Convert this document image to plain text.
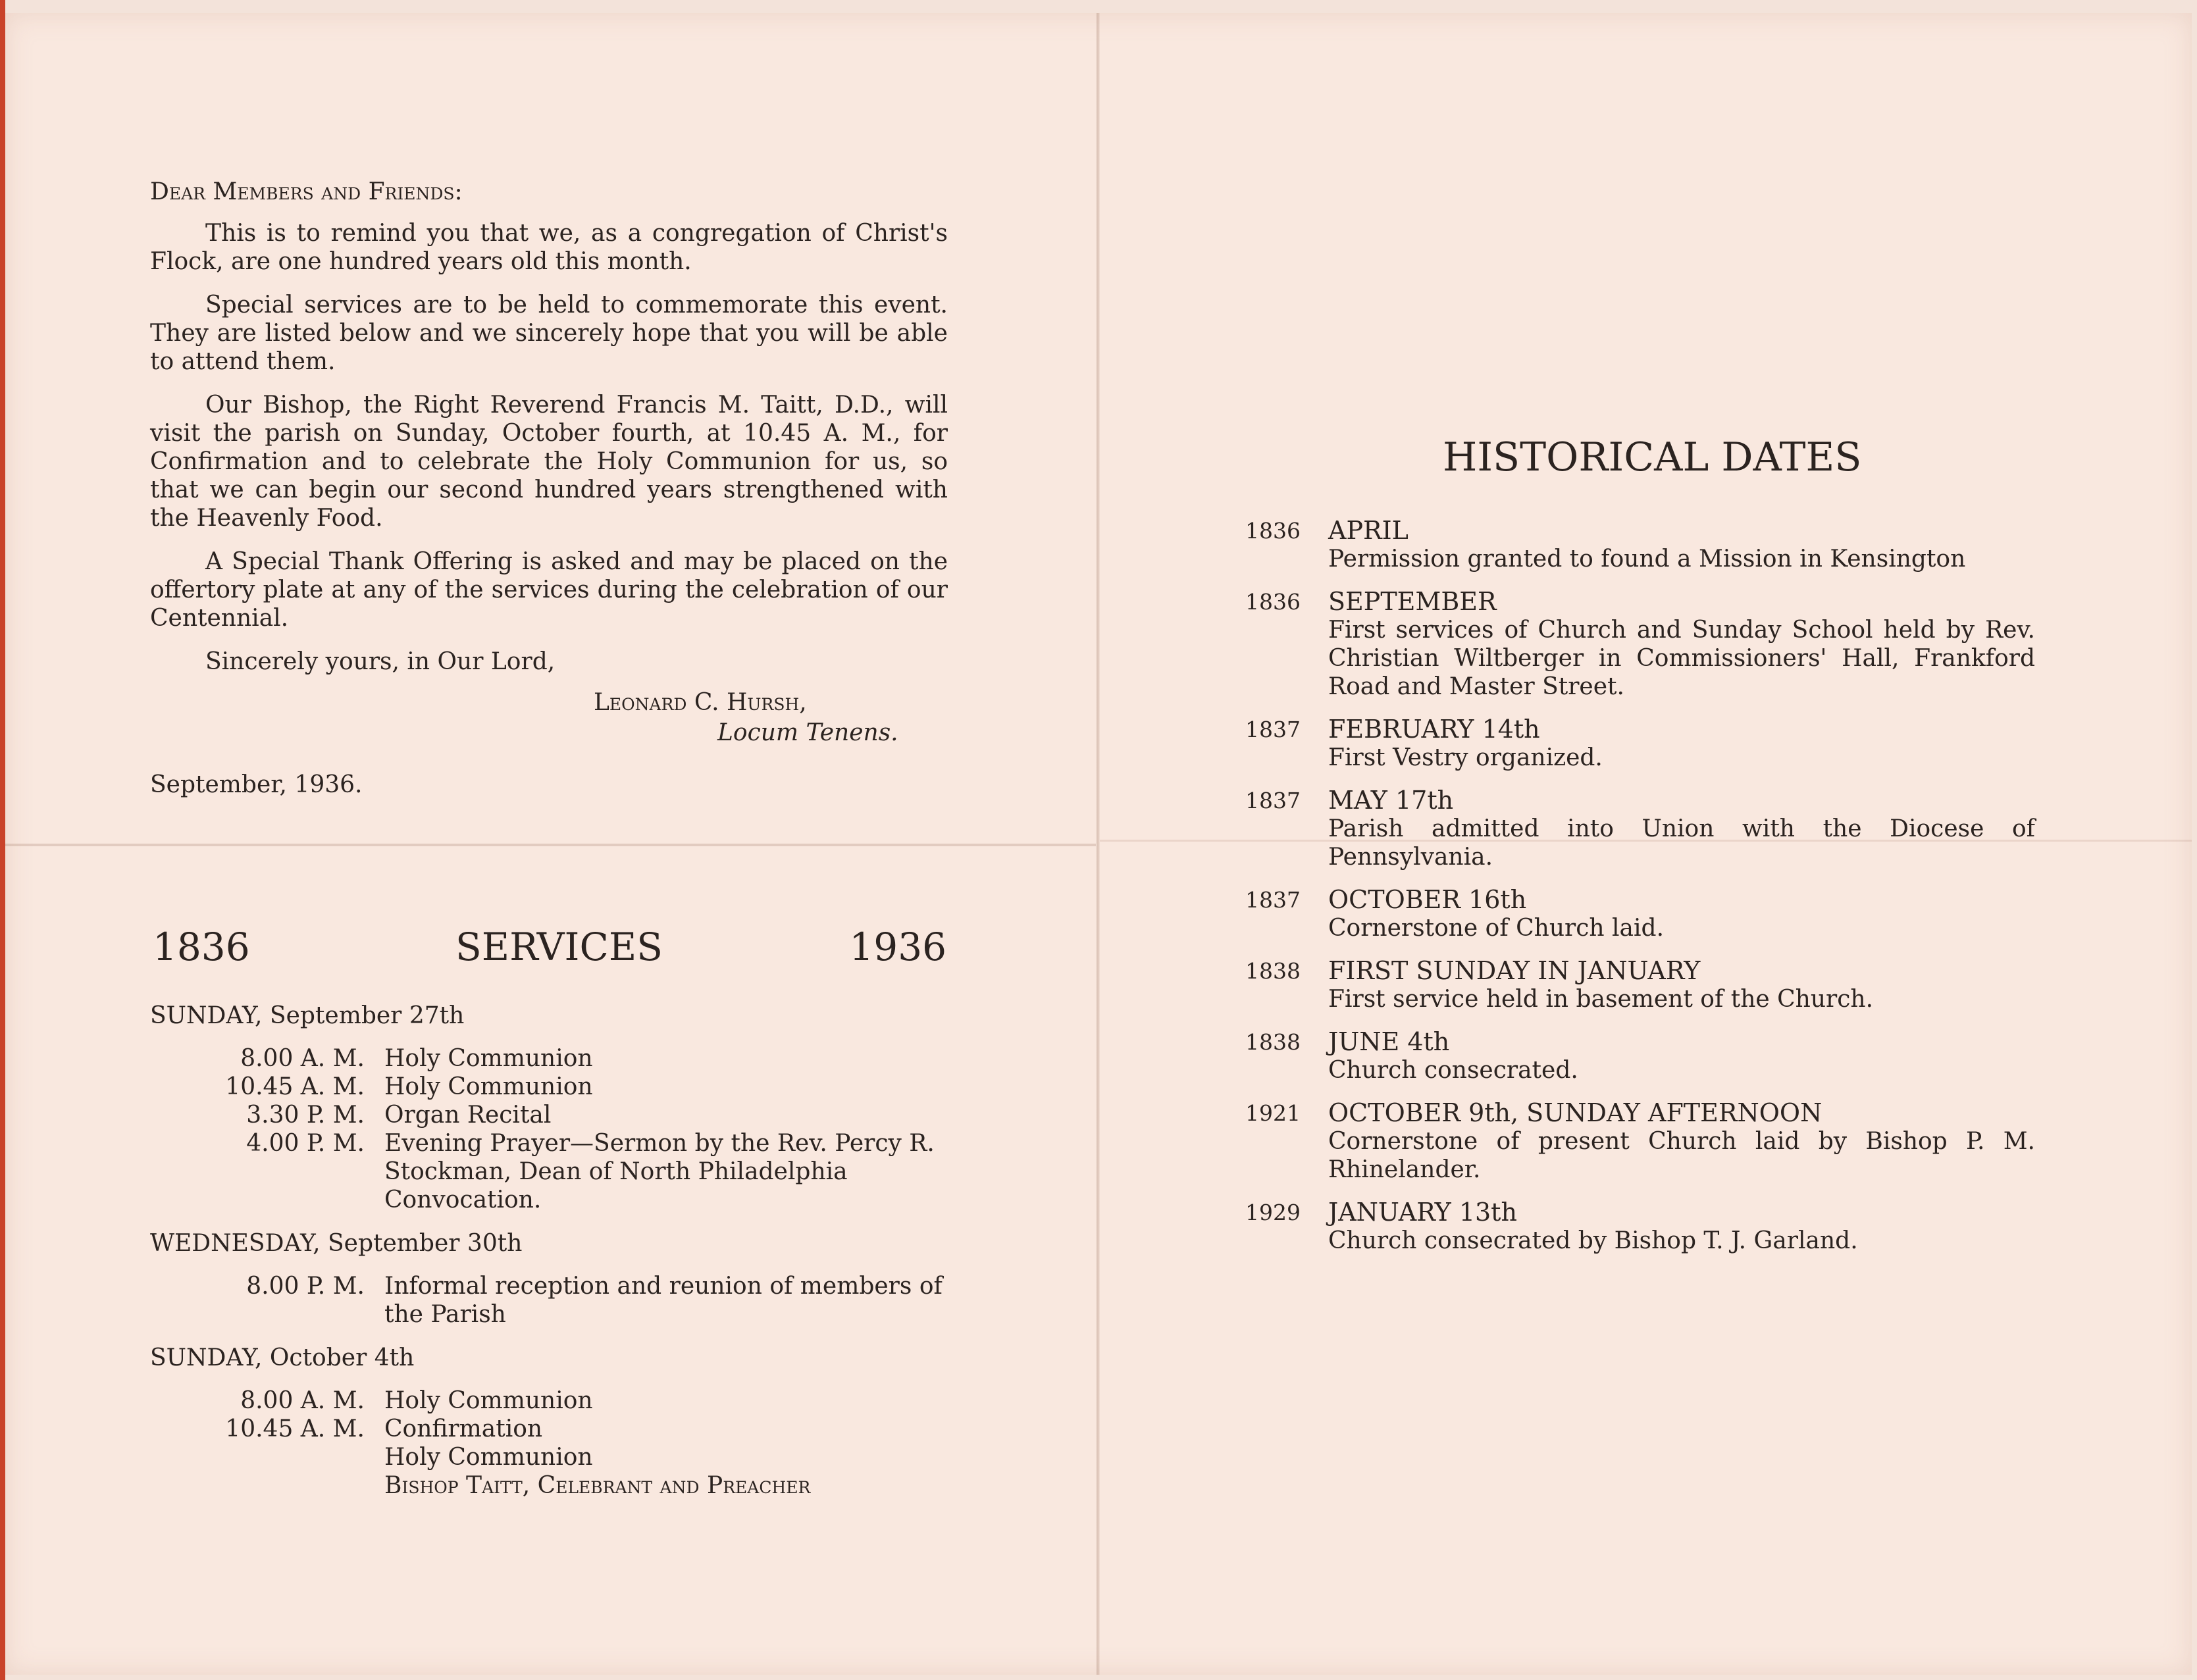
Dear Members and Friends:

This is to remind you that we, as a congregation of Christ's Flock, are one hundred years old this month.

Special services are to be held to commemorate this event. They are listed below and we sincerely hope that you will be able to attend them.

Our Bishop, the Right Reverend Francis M. Taitt, D.D., will visit the parish on Sunday, October fourth, at 10.45 A. M., for Confirmation and to celebrate the Holy Communion for us, so that we can begin our second hundred years strengthened with the Heavenly Food.

A Special Thank Offering is asked and may be placed on the offertory plate at any of the services during the celebration of our Centennial.

Sincerely yours, in Our Lord,

Leonard C. Hursh,

Locum Tenens.

September, 1936.

1836	SERVICES	1936

SUNDAY, September 27th

8.00 A. M. Holy Communion
10.45 A. M. Holy Communion
3.30 P. M. Organ Recital
4.00 P. M. Evening Prayer—Sermon by the Rev. Percy R. Stockman, Dean of North Philadelphia Convocation.

WEDNESDAY, September 30th

8.00 P. M. Informal reception and reunion of members of the Parish

SUNDAY, October 4th

8.00 A. M. Holy Communion
10.45 A. M. Confirmation
Holy Communion
Bishop Taitt, Celebrant and Preacher
HISTORICAL DATES
1836	APRIL
Permission granted to found a Mission in Kensington
1836	SEPTEMBER
First services of Church and Sunday School held by Rev. Christian Wiltberger in Commissioners' Hall, Frankford Road and Master Street.
1837	FEBRUARY 14th
First Vestry organized.
1837	MAY 17th
Parish admitted into Union with the Diocese of Pennsylvania.
1837	OCTOBER 16th
Cornerstone of Church laid.
1838	FIRST SUNDAY IN JANUARY
First service held in basement of the Church.
1838	JUNE 4th
Church consecrated.
1921	OCTOBER 9th, SUNDAY AFTERNOON
Cornerstone of present Church laid by Bishop P. M. Rhinelander.
1929	JANUARY 13th
Church consecrated by Bishop T. J. Garland.
